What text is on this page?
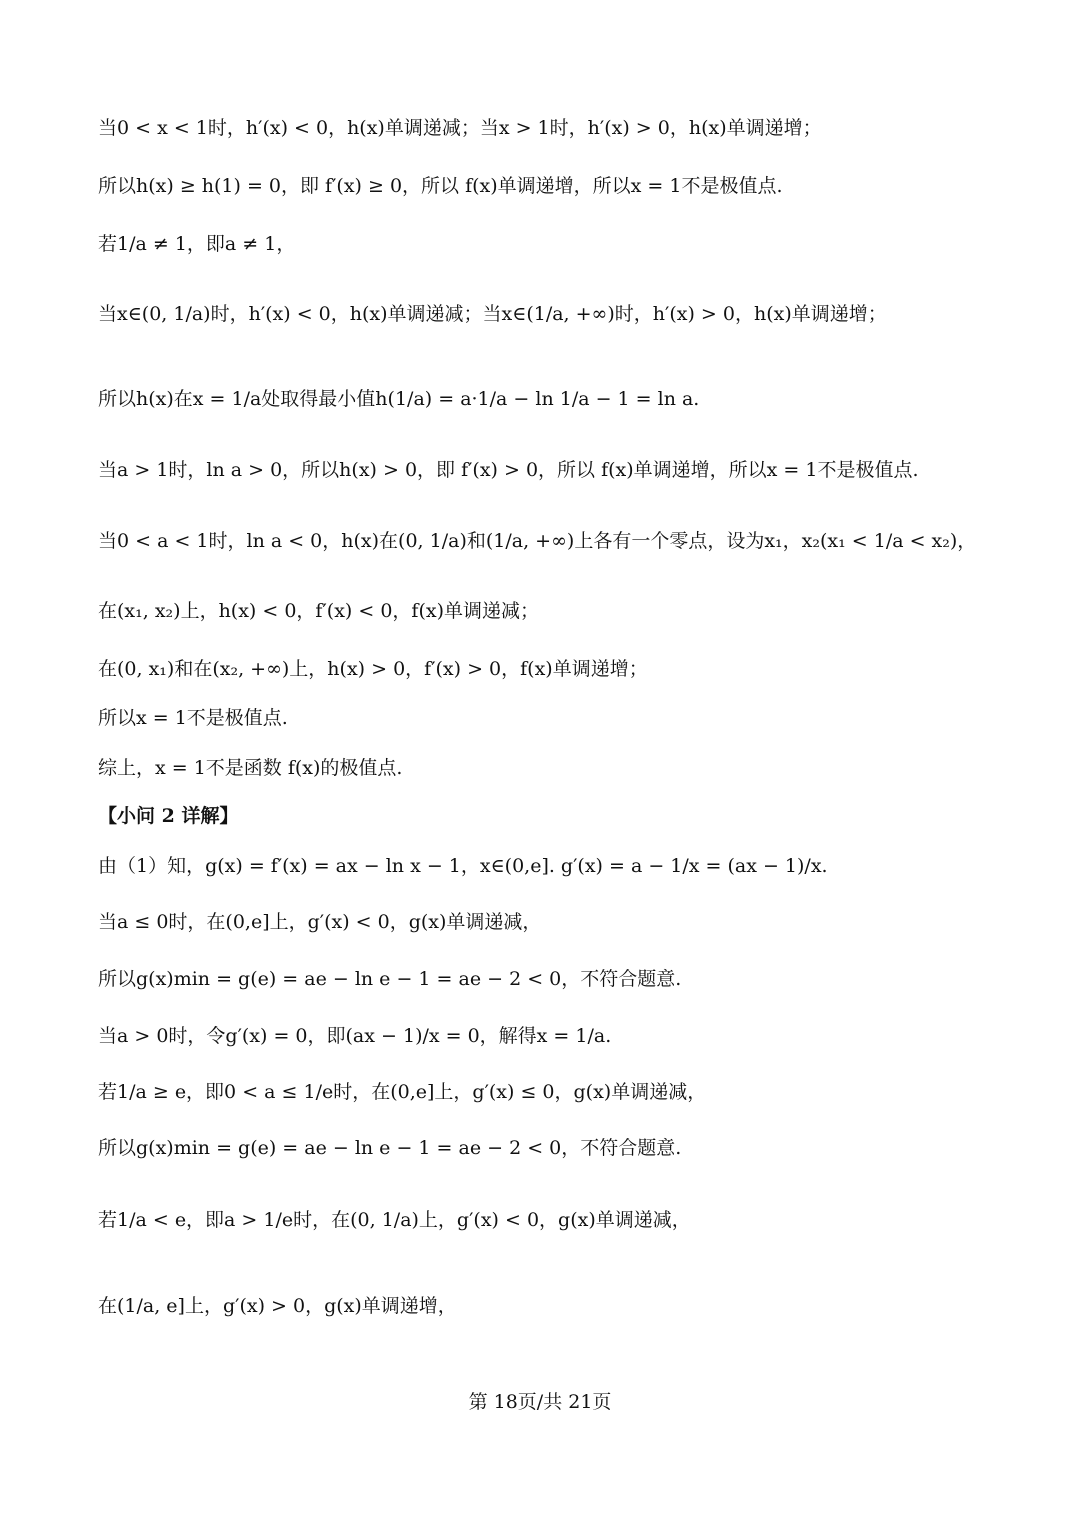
当0 < x < 1时，h′(x) < 0，h(x)单调递减；当x > 1时，h′(x) > 0，h(x)单调递增；
所以h(x) ≥ h(1) = 0，即 f′(x) ≥ 0，所以 f(x)单调递增，所以x = 1不是极值点.
若1/a ≠ 1，即a ≠ 1，
当x∈(0, 1/a)时，h′(x) < 0，h(x)单调递减；当x∈(1/a, +∞)时，h′(x) > 0，h(x)单调递增；
所以h(x)在x = 1/a处取得最小值h(1/a) = a·1/a − ln 1/a − 1 = ln a.
当a > 1时，ln a > 0，所以h(x) > 0，即 f′(x) > 0，所以 f(x)单调递增，所以x = 1不是极值点.
当0 < a < 1时，ln a < 0，h(x)在(0, 1/a)和(1/a, +∞)上各有一个零点，设为x₁，x₂(x₁ < 1/a < x₂)，
在(x₁, x₂)上，h(x) < 0，f′(x) < 0，f(x)单调递减；
在(0, x₁)和在(x₂, +∞)上，h(x) > 0，f′(x) > 0，f(x)单调递增；
所以x = 1不是极值点.
综上，x = 1不是函数 f(x)的极值点.
【小问 2 详解】
由（1）知，g(x) = f′(x) = ax − ln x − 1，x∈(0,e]. g′(x) = a − 1/x = (ax − 1)/x.
当a ≤ 0时，在(0,e]上，g′(x) < 0，g(x)单调递减，
所以g(x)min = g(e) = ae − ln e − 1 = ae − 2 < 0，不符合题意.
当a > 0时，令g′(x) = 0，即(ax − 1)/x = 0，解得x = 1/a.
若1/a ≥ e，即0 < a ≤ 1/e时，在(0,e]上，g′(x) ≤ 0，g(x)单调递减，
所以g(x)min = g(e) = ae − ln e − 1 = ae − 2 < 0，不符合题意.
若1/a < e，即a > 1/e时，在(0, 1/a)上，g′(x) < 0，g(x)单调递减，
在(1/a, e]上，g′(x) > 0，g(x)单调递增，
第 18页/共 21页
